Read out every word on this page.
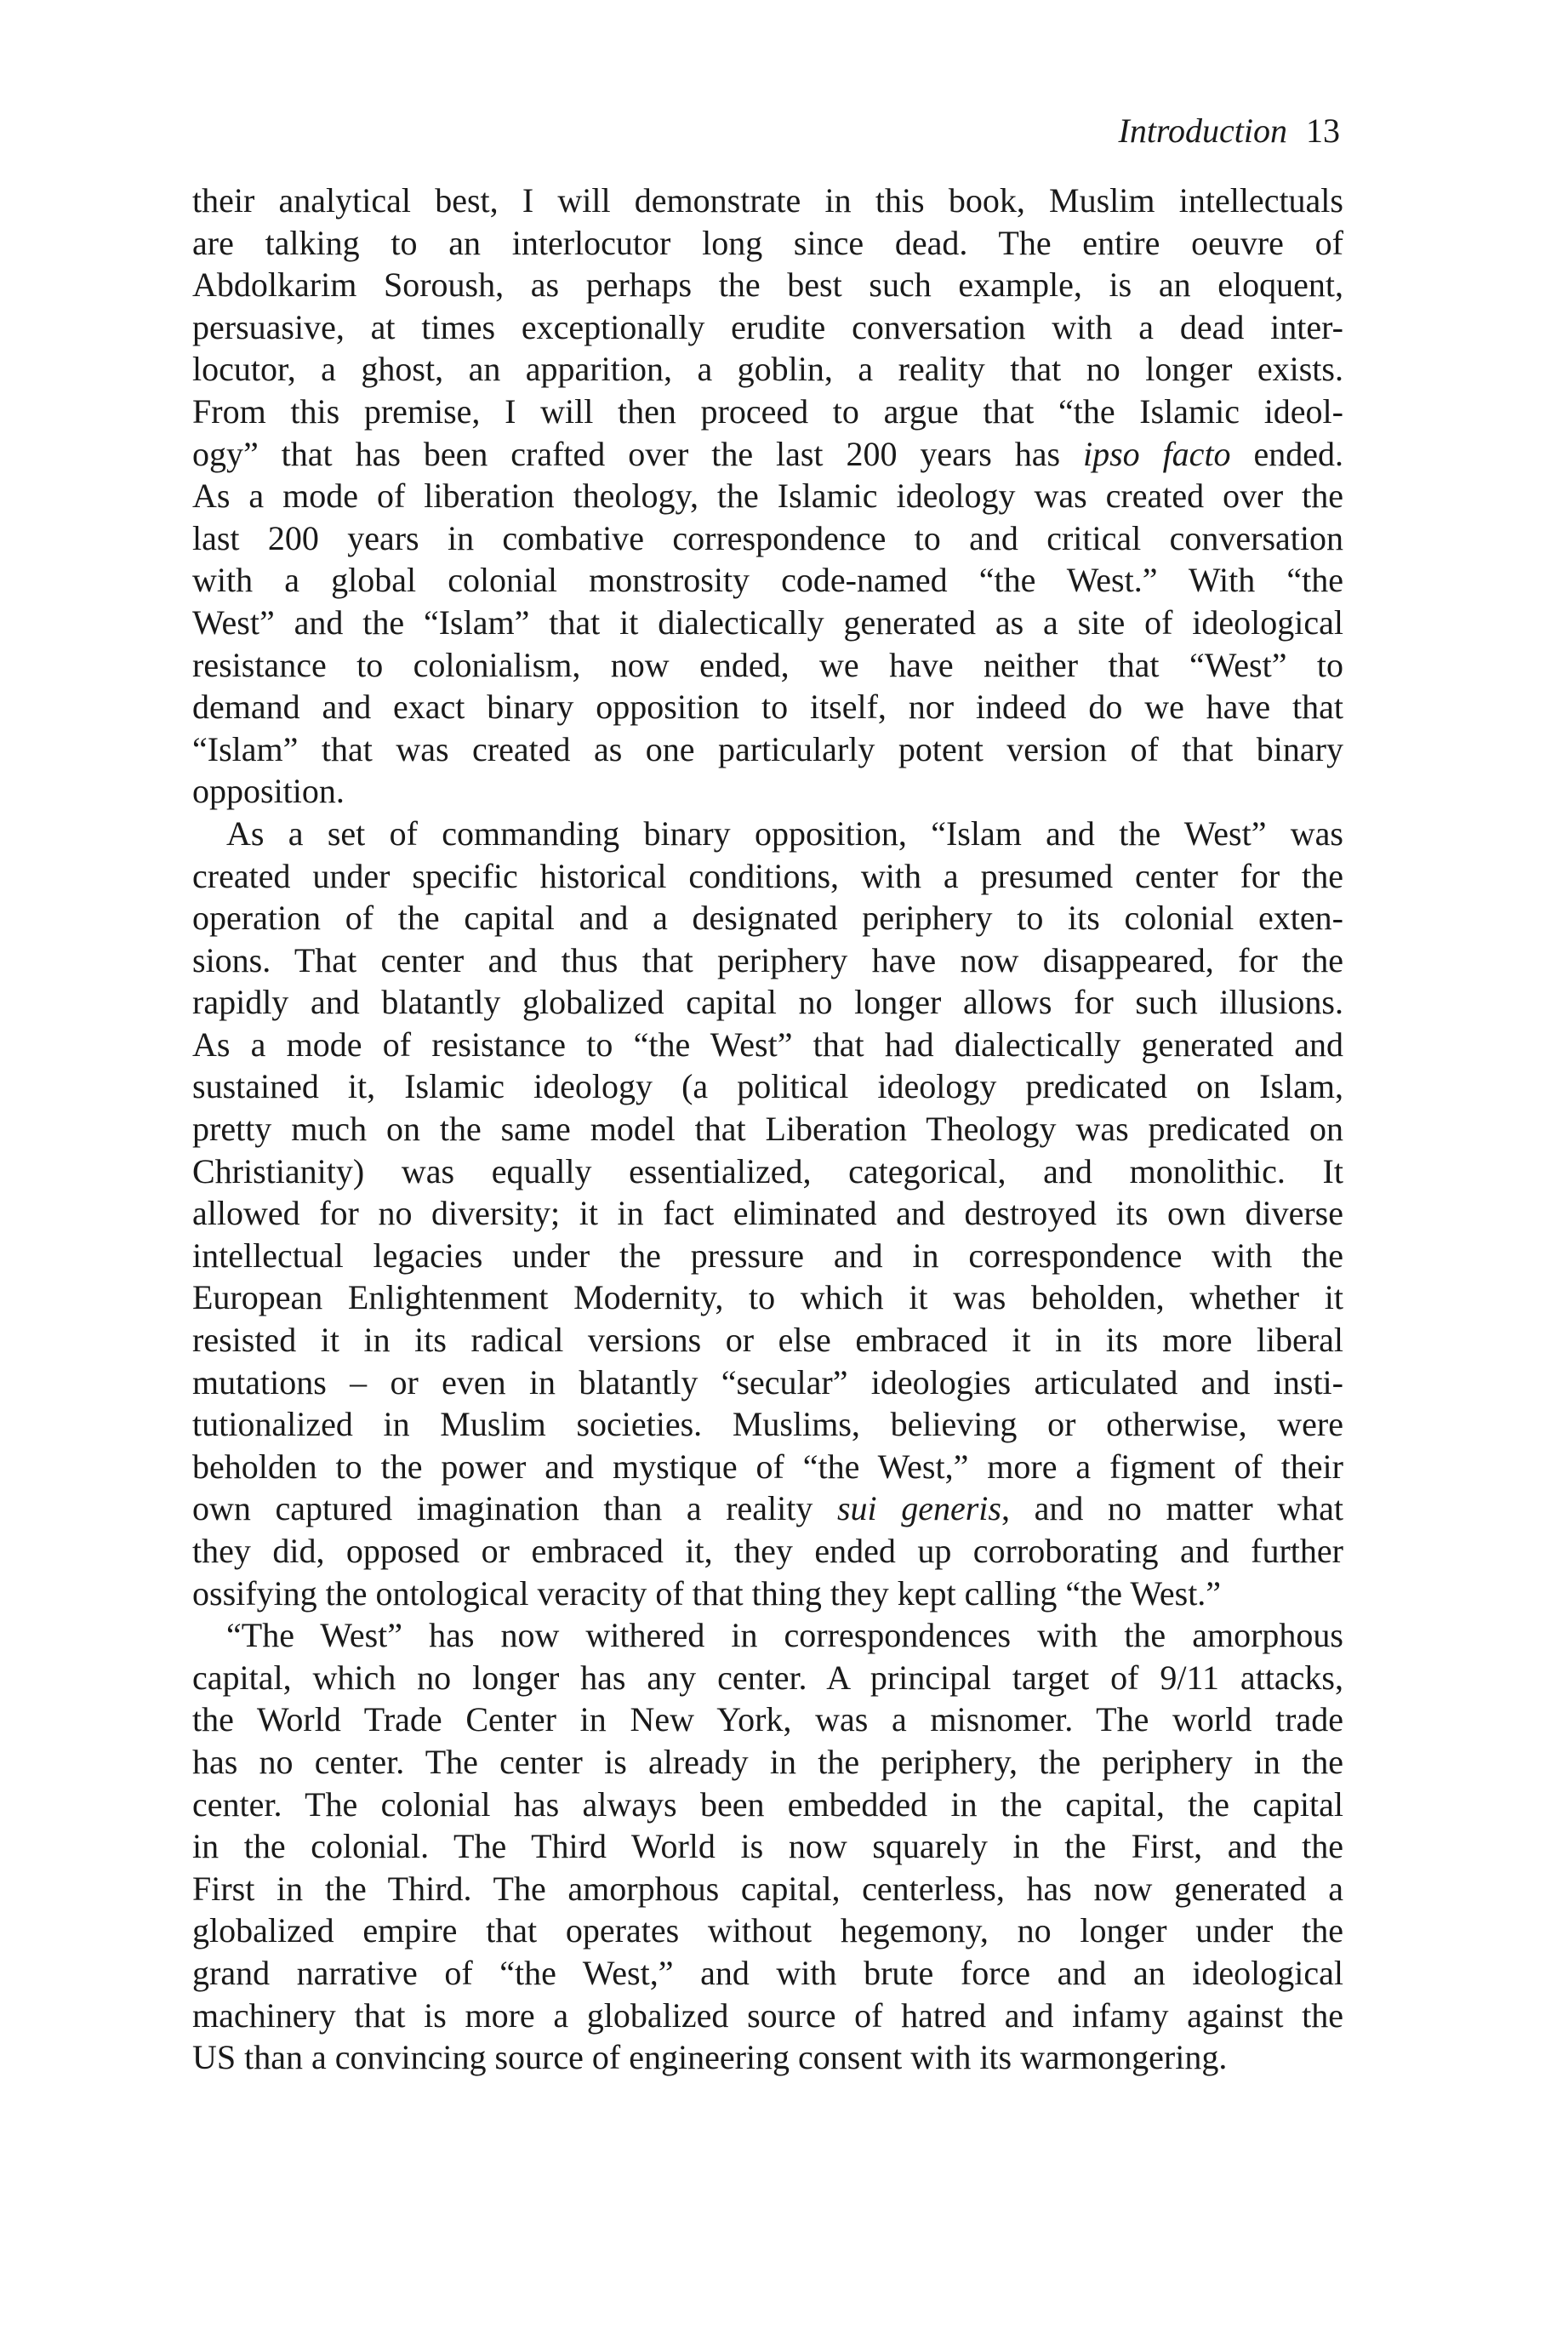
Introduction 13
their analytical best, I will demonstrate in this book, Muslim intellectuals
are talking to an interlocutor long since dead. The entire oeuvre of
Abdolkarim Soroush, as perhaps the best such example, is an eloquent,
persuasive, at times exceptionally erudite conversation with a dead inter-
locutor, a ghost, an apparition, a goblin, a reality that no longer exists.
From this premise, I will then proceed to argue that “the Islamic ideol-
ogy” that has been crafted over the last 200 years has ipso facto ended.
As a mode of liberation theology, the Islamic ideology was created over the
last 200 years in combative correspondence to and critical conversation
with a global colonial monstrosity code-named “the West.” With “the
West” and the “Islam” that it dialectically generated as a site of ideological
resistance to colonialism, now ended, we have neither that “West” to
demand and exact binary opposition to itself, nor indeed do we have that
“Islam” that was created as one particularly potent version of that binary
opposition.
As a set of commanding binary opposition, “Islam and the West” was
created under specific historical conditions, with a presumed center for the
operation of the capital and a designated periphery to its colonial exten-
sions. That center and thus that periphery have now disappeared, for the
rapidly and blatantly globalized capital no longer allows for such illusions.
As a mode of resistance to “the West” that had dialectically generated and
sustained it, Islamic ideology (a political ideology predicated on Islam,
pretty much on the same model that Liberation Theology was predicated on
Christianity) was equally essentialized, categorical, and monolithic. It
allowed for no diversity; it in fact eliminated and destroyed its own diverse
intellectual legacies under the pressure and in correspondence with the
European Enlightenment Modernity, to which it was beholden, whether it
resisted it in its radical versions or else embraced it in its more liberal
mutations – or even in blatantly “secular” ideologies articulated and insti-
tutionalized in Muslim societies. Muslims, believing or otherwise, were
beholden to the power and mystique of “the West,” more a figment of their
own captured imagination than a reality sui generis, and no matter what
they did, opposed or embraced it, they ended up corroborating and further
ossifying the ontological veracity of that thing they kept calling “the West.”
“The West” has now withered in correspondences with the amorphous
capital, which no longer has any center. A principal target of 9/11 attacks,
the World Trade Center in New York, was a misnomer. The world trade
has no center. The center is already in the periphery, the periphery in the
center. The colonial has always been embedded in the capital, the capital
in the colonial. The Third World is now squarely in the First, and the
First in the Third. The amorphous capital, centerless, has now generated a
globalized empire that operates without hegemony, no longer under the
grand narrative of “the West,” and with brute force and an ideological
machinery that is more a globalized source of hatred and infamy against the
US than a convincing source of engineering consent with its warmongering.
